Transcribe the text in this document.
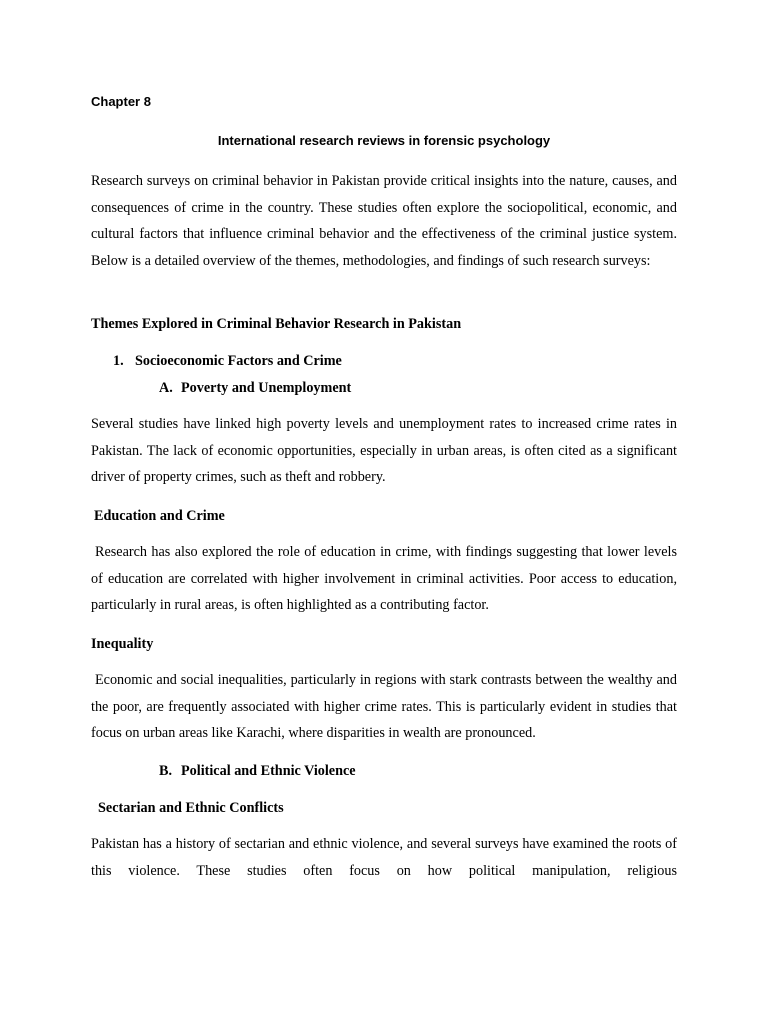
Chapter 8
International research reviews in forensic psychology

Research surveys on criminal behavior in Pakistan provide critical insights into the nature, causes, and consequences of crime in the country. These studies often explore the sociopolitical, economic, and cultural factors that influence criminal behavior and the effectiveness of the criminal justice system. Below is a detailed overview of the themes, methodologies, and findings of such research surveys:

Themes Explored in Criminal Behavior Research in Pakistan
1. Socioeconomic Factors and Crime
A. Poverty and Unemployment

Several studies have linked high poverty levels and unemployment rates to increased crime rates in Pakistan. The lack of economic opportunities, especially in urban areas, is often cited as a significant driver of property crimes, such as theft and robbery.

Education and Crime

Research has also explored the role of education in crime, with findings suggesting that lower levels of education are correlated with higher involvement in criminal activities. Poor access to education, particularly in rural areas, is often highlighted as a contributing factor.

Inequality

Economic and social inequalities, particularly in regions with stark contrasts between the wealthy and the poor, are frequently associated with higher crime rates. This is particularly evident in studies that focus on urban areas like Karachi, where disparities in wealth are pronounced.

B. Political and Ethnic Violence
Sectarian and Ethnic Conflicts

Pakistan has a history of sectarian and ethnic violence, and several surveys have examined the roots of this violence. These studies often focus on how political manipulation, religious
